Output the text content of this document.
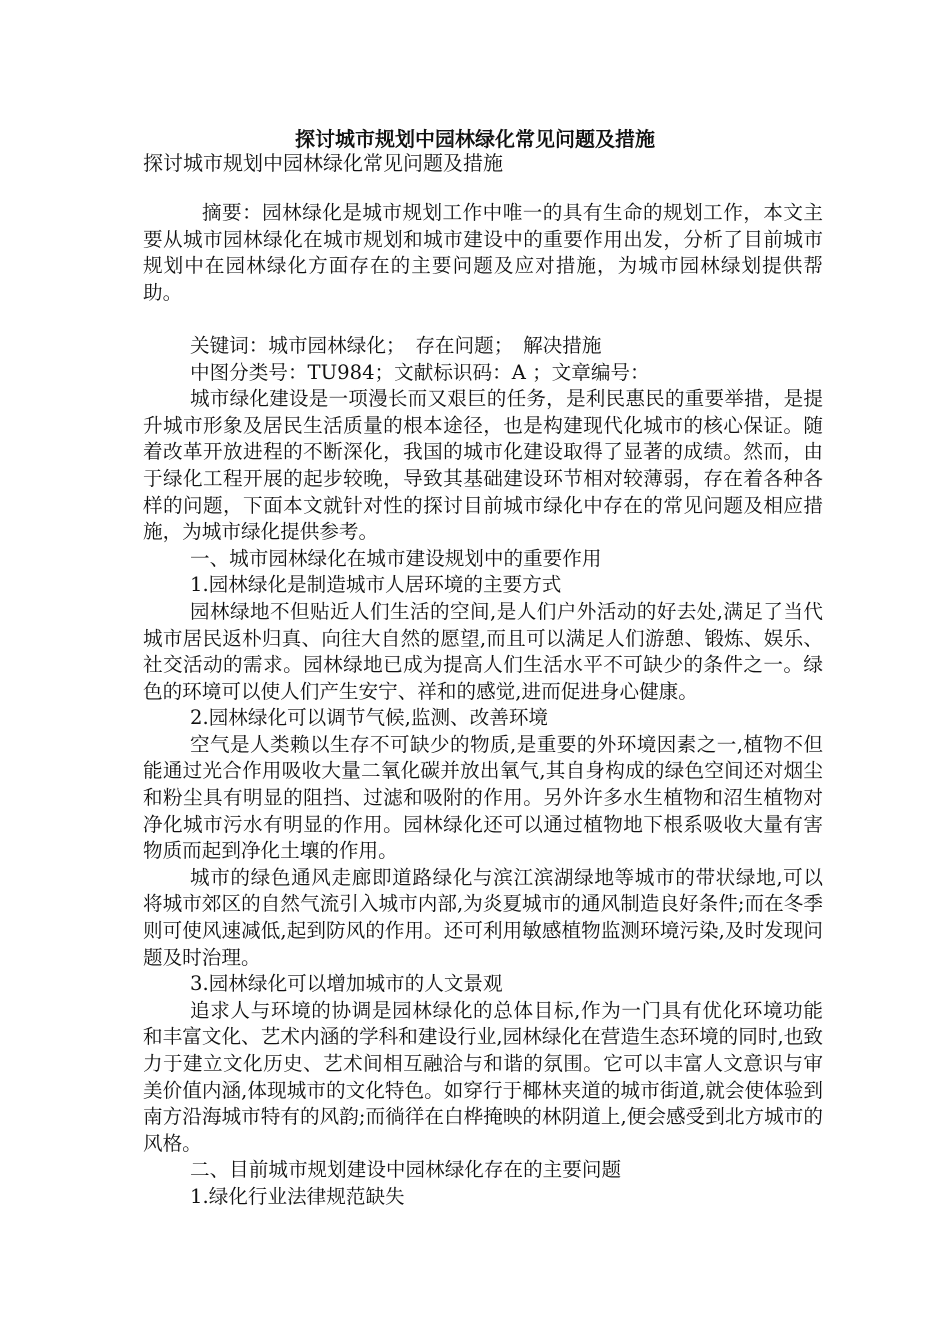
探讨城市规划中园林绿化常见问题及措施
探讨城市规划中园林绿化常见问题及措施

摘要：园林绿化是城市规划工作中唯一的具有生命的规划工作，本文主要从城市园林绿化在城市规划和城市建设中的重要作用出发，分析了目前城市规划中在园林绿化方面存在的主要问题及应对措施，为城市园林绿划提供帮助。

关键词：城市园林绿化；　存在问题；　解决措施

中图分类号：TU984；文献标识码：A ；文章编号：

城市绿化建设是一项漫长而又艰巨的任务，是利民惠民的重要举措，是提升城市形象及居民生活质量的根本途径，也是构建现代化城市的核心保证。随着改革开放进程的不断深化，我国的城市化建设取得了显著的成绩。然而，由于绿化工程开展的起步较晚，导致其基础建设环节相对较薄弱，存在着各种各样的问题，下面本文就针对性的探讨目前城市绿化中存在的常见问题及相应措施，为城市绿化提供参考。

一、城市园林绿化在城市建设规划中的重要作用

1.园林绿化是制造城市人居环境的主要方式

园林绿地不但贴近人们生活的空间,是人们户外活动的好去处,满足了当代城市居民返朴归真、向往大自然的愿望,而且可以满足人们游憩、锻炼、娱乐、社交活动的需求。园林绿地已成为提高人们生活水平不可缺少的条件之一。绿色的环境可以使人们产生安宁、祥和的感觉,进而促进身心健康。

2.园林绿化可以调节气候,监测、改善环境

空气是人类赖以生存不可缺少的物质,是重要的外环境因素之一,植物不但能通过光合作用吸收大量二氧化碳并放出氧气,其自身构成的绿色空间还对烟尘和粉尘具有明显的阻挡、过滤和吸附的作用。另外许多水生植物和沼生植物对净化城市污水有明显的作用。园林绿化还可以通过植物地下根系吸收大量有害物质而起到净化土壤的作用。

城市的绿色通风走廊即道路绿化与滨江滨湖绿地等城市的带状绿地,可以将城市郊区的自然气流引入城市内部,为炎夏城市的通风制造良好条件;而在冬季则可使风速减低,起到防风的作用。还可利用敏感植物监测环境污染,及时发现问题及时治理。

3.园林绿化可以增加城市的人文景观

追求人与环境的协调是园林绿化的总体目标,作为一门具有优化环境功能和丰富文化、艺术内涵的学科和建设行业,园林绿化在营造生态环境的同时,也致力于建立文化历史、艺术间相互融洽与和谐的氛围。它可以丰富人文意识与审美价值内涵,体现城市的文化特色。如穿行于椰林夹道的城市街道,就会使体验到南方沿海城市特有的风韵;而徜徉在白桦掩映的林阴道上,便会感受到北方城市的风格。

二、目前城市规划建设中园林绿化存在的主要问题

1.绿化行业法律规范缺失
